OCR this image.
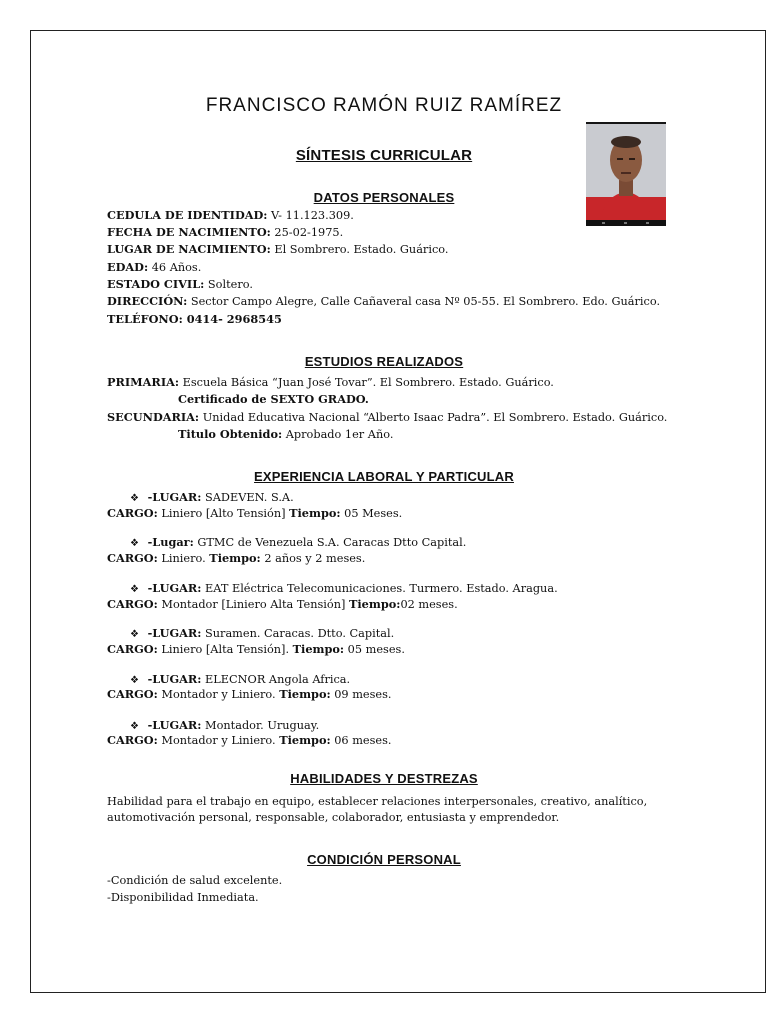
FRANCISCO RAMÓN RUIZ RAMÍREZ
SÍNTESIS CURRICULAR
DATOS PERSONALES
CEDULA DE IDENTIDAD: V- 11.123.309.
FECHA DE NACIMIENTO: 25-02-1975.
LUGAR DE NACIMIENTO: El Sombrero. Estado. Guárico.
EDAD: 46 Años.
ESTADO CIVIL: Soltero.
DIRECCIÓN: Sector Campo Alegre, Calle Cañaveral casa Nº 05-55. El Sombrero. Edo. Guárico.
TELÉFONO: 0414- 2968545
ESTUDIOS REALIZADOS
PRIMARIA: Escuela Básica “Juan José Tovar”. El Sombrero. Estado. Guárico.
Certificado de SEXTO GRADO.
SECUNDARIA: Unidad Educativa Nacional “Alberto Isaac Padra”. El Sombrero. Estado. Guárico.
Titulo Obtenido: Aprobado 1er Año.
EXPERIENCIA LABORAL Y PARTICULAR
❖ -LUGAR: SADEVEN. S.A.
CARGO: Liniero [Alto Tensión] Tiempo: 05 Meses.
❖ -Lugar: GTMC de Venezuela S.A. Caracas Dtto Capital.
CARGO: Liniero. Tiempo: 2 años y 2 meses.
❖ -LUGAR: EAT Eléctrica Telecomunicaciones. Turmero. Estado. Aragua.
CARGO: Montador [Liniero Alta Tensión] Tiempo:02 meses.
❖ -LUGAR: Suramen. Caracas. Dtto. Capital.
CARGO: Liniero [Alta Tensión]. Tiempo: 05 meses.
❖ -LUGAR: ELECNOR Angola Africa.
CARGO: Montador y Liniero. Tiempo: 09 meses.
❖ -LUGAR: Montador. Uruguay.
CARGO: Montador y Liniero. Tiempo: 06 meses.
HABILIDADES Y DESTREZAS
Habilidad para el trabajo en equipo, establecer relaciones interpersonales, creativo, analítico,
automotivación personal, responsable, colaborador, entusiasta y emprendedor.
CONDICIÓN PERSONAL
-Condición de salud excelente.
-Disponibilidad Inmediata.
